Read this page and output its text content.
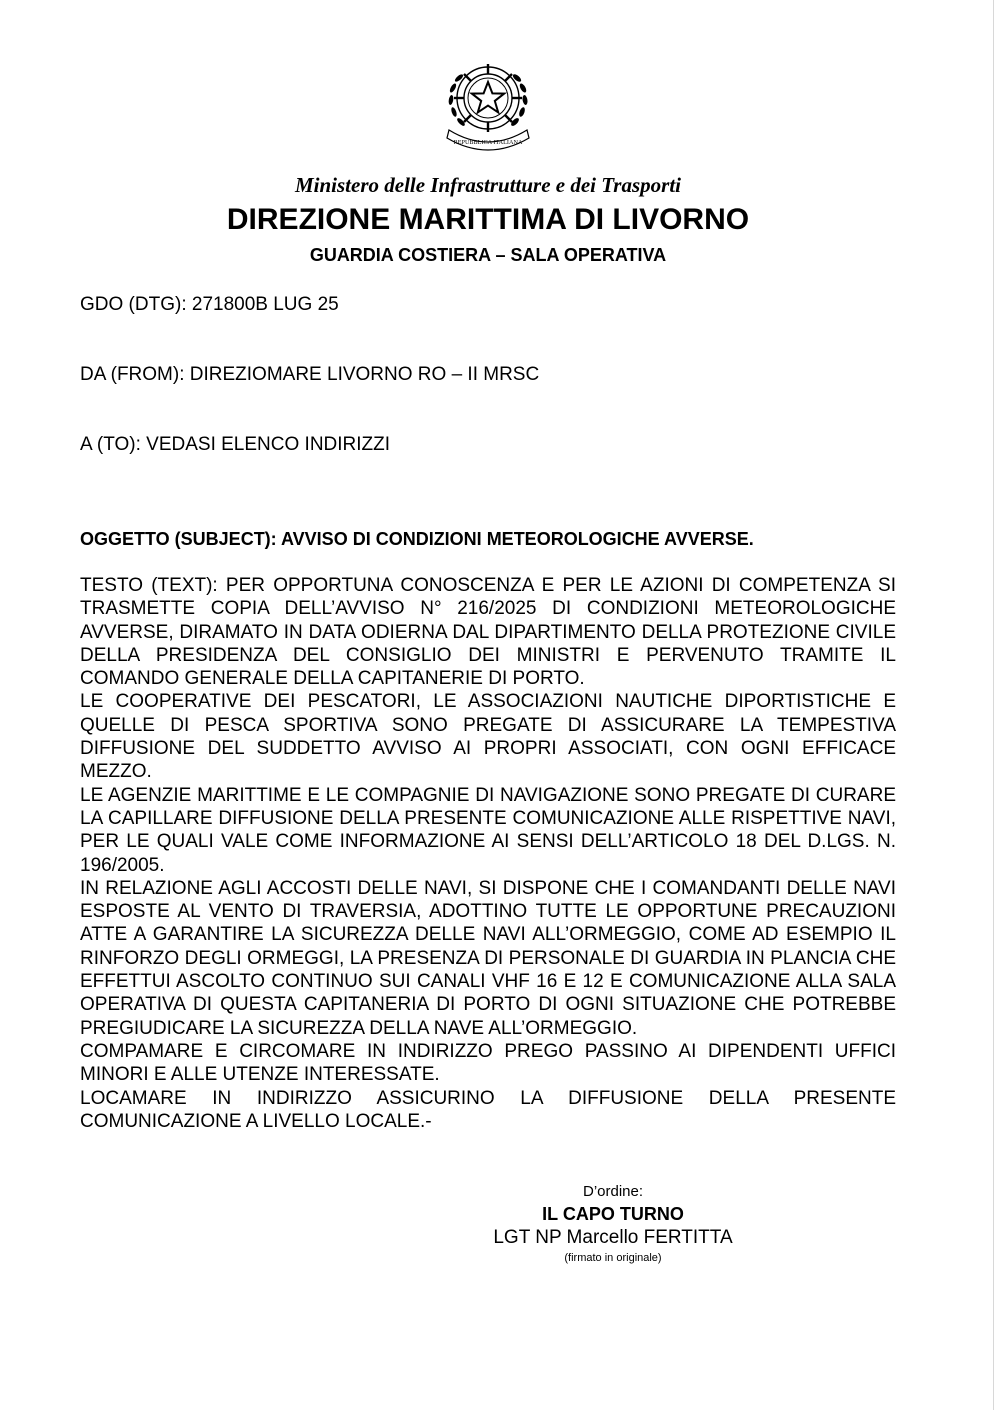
REPUBBLICA ITALIANA
Ministero delle Infrastrutture e dei Trasporti
DIREZIONE MARITTIMA DI LIVORNO
GUARDIA COSTIERA – SALA OPERATIVA
GDO (DTG): 271800B LUG 25
DA (FROM): DIREZIOMARE LIVORNO RO – II MRSC
A (TO): VEDASI ELENCO INDIRIZZI
OGGETTO (SUBJECT): AVVISO DI CONDIZIONI METEOROLOGICHE AVVERSE.

TESTO (TEXT): PER OPPORTUNA CONOSCENZA E PER LE AZIONI DI COMPETENZA SI TRASMETTE COPIA DELL’AVVISO N° 216/2025 DI CONDIZIONI METEOROLOGICHE AVVERSE, DIRAMATO IN DATA ODIERNA DAL DIPARTIMENTO DELLA PROTEZIONE CIVILE DELLA PRESIDENZA DEL CONSIGLIO DEI MINISTRI E PERVENUTO TRAMITE IL COMANDO GENERALE DELLA CAPITANERIE DI PORTO.

LE COOPERATIVE DEI PESCATORI, LE ASSOCIAZIONI NAUTICHE DIPORTISTICHE E QUELLE DI PESCA SPORTIVA SONO PREGATE DI ASSICURARE LA TEMPESTIVA DIFFUSIONE DEL SUDDETTO AVVISO AI PROPRI ASSOCIATI, CON OGNI EFFICACE MEZZO.

LE AGENZIE MARITTIME E LE COMPAGNIE DI NAVIGAZIONE SONO PREGATE DI CURARE LA CAPILLARE DIFFUSIONE DELLA PRESENTE COMUNICAZIONE ALLE RISPETTIVE NAVI, PER LE QUALI VALE COME INFORMAZIONE AI SENSI DELL’ARTICOLO 18 DEL D.LGS. N. 196/2005.

IN RELAZIONE AGLI ACCOSTI DELLE NAVI, SI DISPONE CHE I COMANDANTI DELLE NAVI ESPOSTE AL VENTO DI TRAVERSIA, ADOTTINO TUTTE LE OPPORTUNE PRECAUZIONI ATTE A GARANTIRE LA SICUREZZA DELLE NAVI ALL’ORMEGGIO, COME AD ESEMPIO IL RINFORZO DEGLI ORMEGGI, LA PRESENZA DI PERSONALE DI GUARDIA IN PLANCIA CHE EFFETTUI ASCOLTO CONTINUO SUI CANALI VHF 16 E 12 E COMUNICAZIONE ALLA SALA OPERATIVA DI QUESTA CAPITANERIA DI PORTO DI OGNI SITUAZIONE CHE POTREBBE PREGIUDICARE LA SICUREZZA DELLA NAVE ALL’ORMEGGIO.

COMPAMARE E CIRCOMARE IN INDIRIZZO PREGO PASSINO AI DIPENDENTI UFFICI MINORI E ALLE UTENZE INTERESSATE.

LOCAMARE IN INDIRIZZO ASSICURINO LA DIFFUSIONE DELLA PRESENTE COMUNICAZIONE A LIVELLO LOCALE.-

D’ordine:
IL CAPO TURNO
LGT NP Marcello FERTITTA
(firmato in originale)
